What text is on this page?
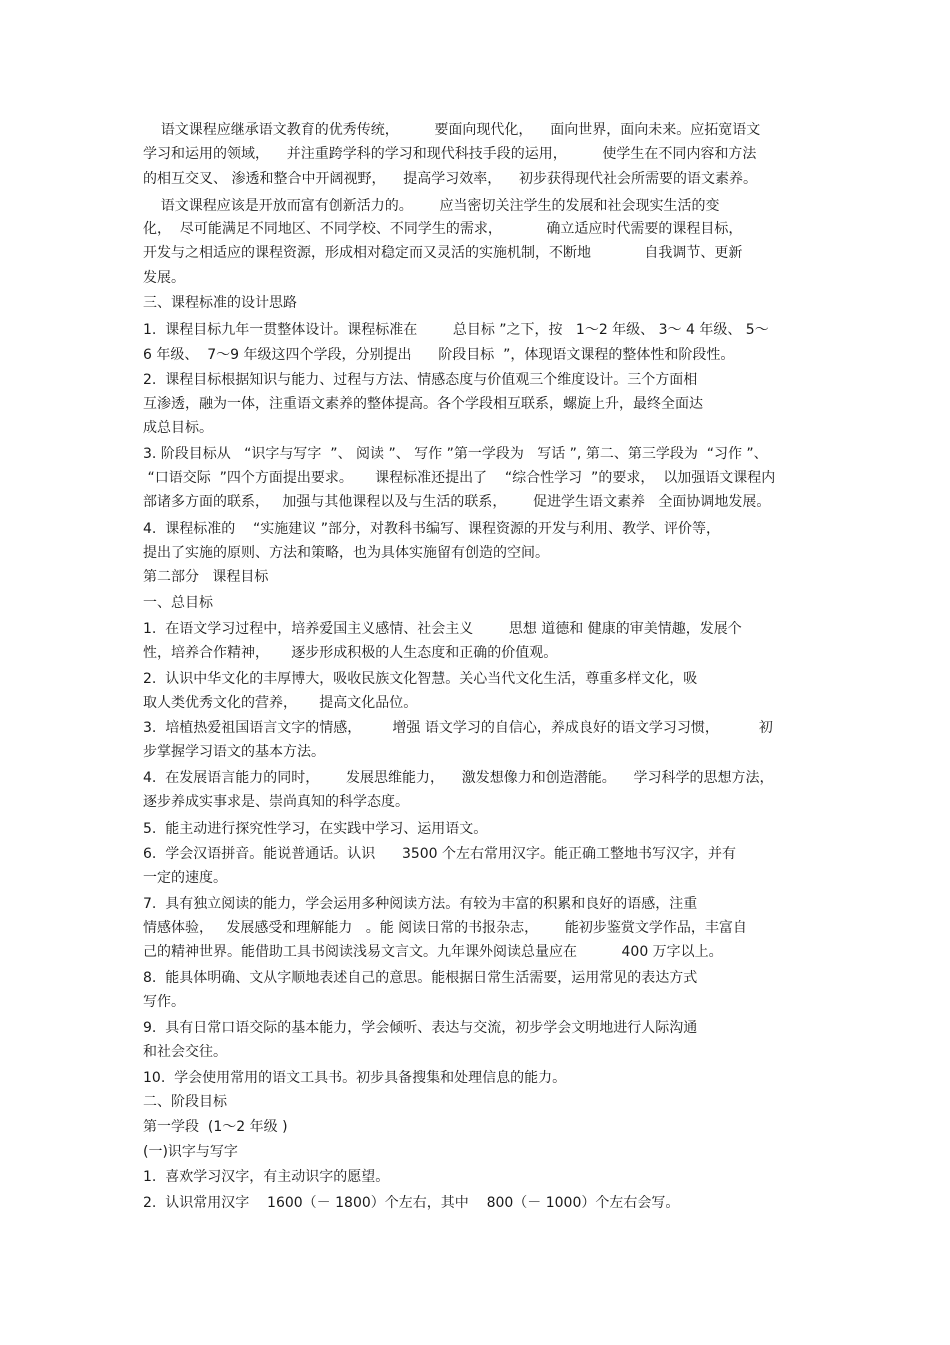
语文课程应继承语文教育的优秀传统，        要面向现代化，    面向世界，面向未来。应拓宽语文
学习和运用的领域，    并注重跨学科的学习和现代科技手段的运用，        使学生在不同内容和方法
的相互交叉、 渗透和整合中开阔视野，    提高学习效率，    初步获得现代社会所需要的语文素养。
语文课程应该是开放而富有创新活力的。      应当密切关注学生的发展和社会现实生活的变
化，  尽可能满足不同地区、不同学校、不同学生的需求，          确立适应时代需要的课程目标，
开发与之相适应的课程资源，形成相对稳定而又灵活的实施机制，不断地            自我调节、更新
发展。
三、课程标准的设计思路
1.  课程目标九年一贯整体设计。课程标准在        总目标 ”之下，按   1～2 年级、 3～ 4 年级、 5～
6 年级、  7～9 年级这四个学段，分别提出      阶段目标  ”，体现语文课程的整体性和阶段性。
2.  课程目标根据知识与能力、过程与方法、情感态度与价值观三个维度设计。三个方面相
互渗透，融为一体，注重语文素养的整体提高。各个学段相互联系，螺旋上升，最终全面达
成总目标。
3. 阶段目标从   “识字与写字  ”、 阅读 ”、 写作 ”第一学段为   写话 ”, 第二、第三学段为  “习作 ”、
“口语交际  ”四个方面提出要求。     课程标准还提出了    “综合性学习  ”的要求，  以加强语文课程内
部诸多方面的联系，   加强与其他课程以及与生活的联系，      促进学生语文素养   全面协调地发展。
4.  课程标准的    “实施建议 ”部分，对教科书编写、课程资源的开发与利用、教学、评价等，
提出了实施的原则、方法和策略，也为具体实施留有创造的空间。
第二部分   课程目标
一、总目标
1.  在语文学习过程中，培养爱国主义感情、社会主义        思想 道德和 健康的审美情趣，发展个
性，培养合作精神，     逐步形成积极的人生态度和正确的价值观。
2.  认识中华文化的丰厚博大，吸收民族文化智慧。关心当代文化生活，尊重多样文化，吸
取人类优秀文化的营养，     提高文化品位。
3.  培植热爱祖国语言文字的情感，       增强 语文学习的自信心，养成良好的语文学习习惯，         初
步掌握学习语文的基本方法。
4.  在发展语言能力的同时，      发展思维能力，    激发想像力和创造潜能。    学习科学的思想方法，
逐步养成实事求是、崇尚真知的科学态度。
5.  能主动进行探究性学习，在实践中学习、运用语文。
6.  学会汉语拼音。能说普通话。认识      3500 个左右常用汉字。能正确工整地书写汉字，并有
一定的速度。
7.  具有独立阅读的能力，学会运用多种阅读方法。有较为丰富的积累和良好的语感，注重
情感体验，   发展感受和理解能力   。能 阅读日常的书报杂志，      能初步鉴赏文学作品，丰富自
己的精神世界。能借助工具书阅读浅易文言文。九年课外阅读总量应在          400 万字以上。
8.  能具体明确、文从字顺地表述自己的意思。能根据日常生活需要，运用常见的表达方式
写作。
9.  具有日常口语交际的基本能力，学会倾听、表达与交流，初步学会文明地进行人际沟通
和社会交往。
10.  学会使用常用的语文工具书。初步具备搜集和处理信息的能力。
二、阶段目标
第一学段  (1～2 年级 )
(一)识字与写字
1.  喜欢学习汉字，有主动识字的愿望。
2.  认识常用汉字    1600（－ 1800）个左右，其中    800（－ 1000）个左右会写。
